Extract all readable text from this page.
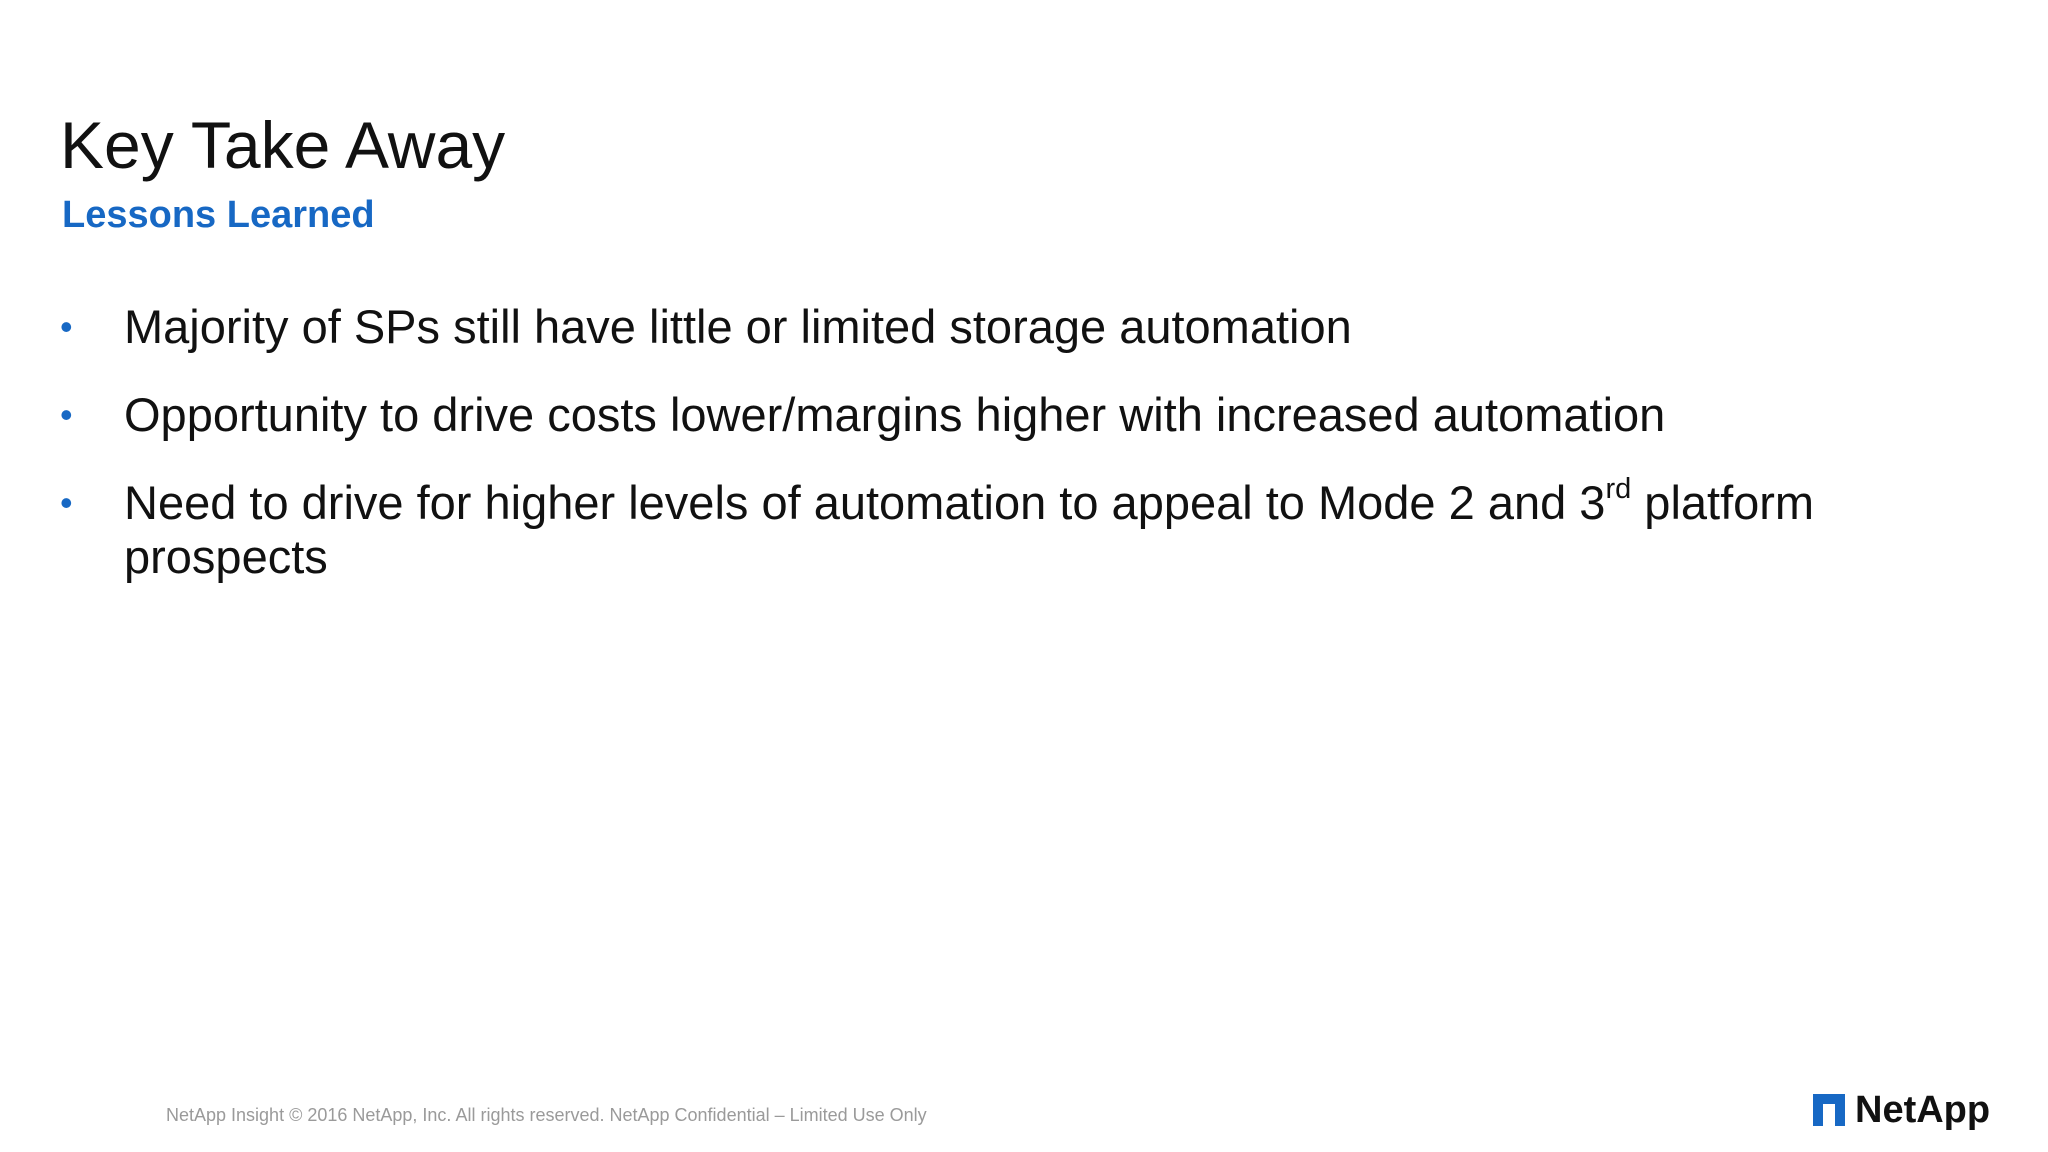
Key Take Away
Lessons Learned
• Majority of SPs still have little or limited storage automation
• Opportunity to drive costs lower/margins higher with increased automation
• Need to drive for higher levels of automation to appeal to Mode 2 and 3rd platform prospects
NetApp Insight © 2016 NetApp, Inc. All rights reserved. NetApp Confidential – Limited Use Only	NetApp
